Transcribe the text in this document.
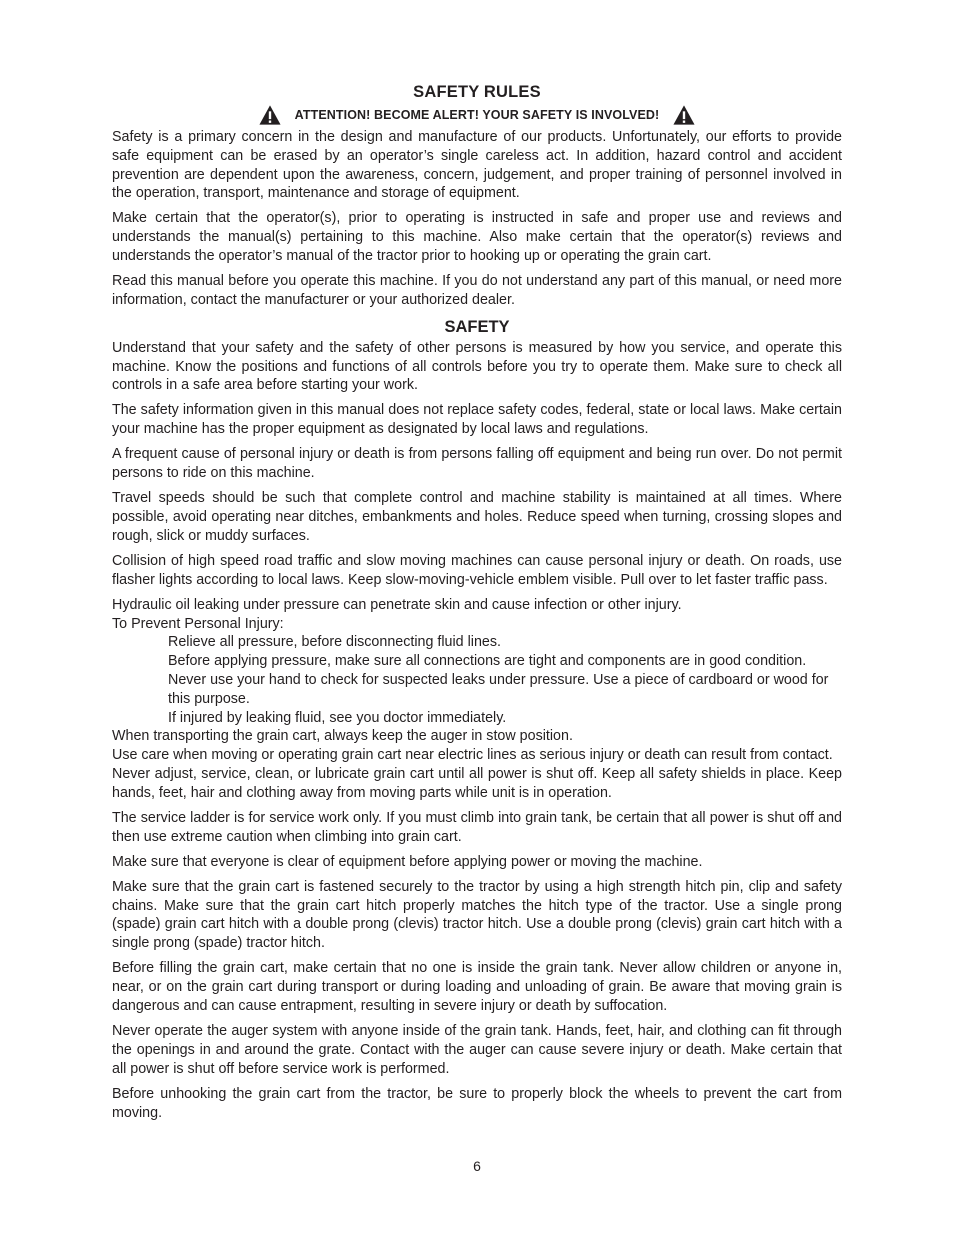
SAFETY RULES
ATTENTION! BECOME ALERT! YOUR SAFETY IS INVOLVED!

Safety is a primary concern in the design and manufacture of our products. Unfortunately, our efforts to provide safe equipment can be erased by an operator’s single careless act. In addition, hazard control and accident prevention are dependent upon the awareness, concern, judgement, and proper training of personnel involved in the operation, transport, maintenance and storage of equipment.

Make certain that the operator(s), prior to operating is instructed in safe and proper use and reviews and understands the manual(s) pertaining to this machine. Also make certain that the operator(s) reviews and understands the operator’s manual of the tractor prior to hooking up or operating the grain cart.

Read this manual before you operate this machine. If you do not understand any part of this manual, or need more information, contact the manufacturer or your authorized dealer.

SAFETY

Understand that your safety and the safety of other persons is measured by how you service, and operate this machine. Know the positions and functions of all controls before you try to operate them. Make sure to check all controls in a safe area before starting your work.

The safety information given in this manual does not replace safety codes, federal, state or local laws. Make certain your machine has the proper equipment as designated by local laws and regulations.

A frequent cause of personal injury or death is from persons falling off equipment and being run over. Do not permit persons to ride on this machine.

Travel speeds should be such that complete control and machine stability is maintained at all times. Where possible, avoid operating near ditches, embankments and holes. Reduce speed when turning, crossing slopes and rough, slick or muddy surfaces.

Collision of high speed road traffic and slow moving machines can cause personal injury or death. On roads, use flasher lights according to local laws. Keep slow-moving-vehicle emblem visible. Pull over to let faster traffic pass.

Hydraulic oil leaking under pressure can penetrate skin and cause infection or other injury.

To Prevent Personal Injury:

Relieve all pressure, before disconnecting fluid lines.
Before applying pressure, make sure all connections are tight and components are in good condition.
Never use your hand to check for suspected leaks under pressure. Use a piece of cardboard or wood for this purpose.
If injured by leaking fluid, see you doctor immediately.

When transporting the grain cart, always keep the auger in stow position.

Use care when moving or operating grain cart near electric lines as serious injury or death can result from contact.

Never adjust, service, clean, or lubricate grain cart until all power is shut off. Keep all safety shields in place. Keep hands, feet, hair and clothing away from moving parts while unit is in operation.

The service ladder is for service work only. If you must climb into grain tank, be certain that all power is shut off and then use extreme caution when climbing into grain cart.

Make sure that everyone is clear of equipment before applying power or moving the machine.

Make sure that the grain cart is fastened securely to the tractor by using a high strength hitch pin, clip and safety chains. Make sure that the grain cart hitch properly matches the hitch type of the tractor. Use a single prong (spade) grain cart hitch with a double prong (clevis) tractor hitch. Use a double prong (clevis) grain cart hitch with a single prong (spade) tractor hitch.

Before filling the grain cart, make certain that no one is inside the grain tank. Never allow children or anyone in, near, or on the grain cart during transport or during loading and unloading of grain. Be aware that moving grain is dangerous and can cause entrapment, resulting in severe injury or death by suffocation.

Never operate the auger system with anyone inside of the grain tank. Hands, feet, hair, and clothing can fit through the openings in and around the grate. Contact with the auger can cause severe injury or death. Make certain that all power is shut off before service work is performed.

Before unhooking the grain cart from the tractor, be sure to properly block the wheels to prevent the cart from moving.

6
